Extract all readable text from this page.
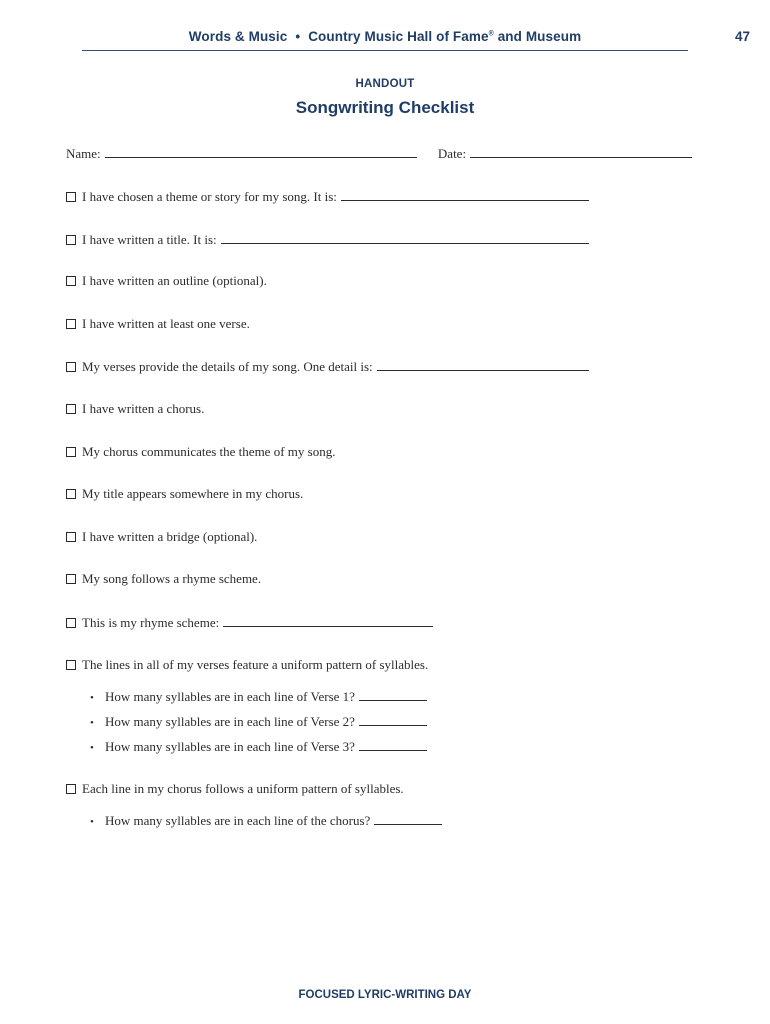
Words & Music • Country Music Hall of Fame® and Museum	47
HANDOUT
Songwriting Checklist
Name:	Date:
I have chosen a theme or story for my song. It is:
I have written a title. It is:
I have written an outline (optional).
I have written at least one verse.
My verses provide the details of my song. One detail is:
I have written a chorus.
My chorus communicates the theme of my song.
My title appears somewhere in my chorus.
I have written a bridge (optional).
My song follows a rhyme scheme.
This is my rhyme scheme:
The lines in all of my verses feature a uniform pattern of syllables.
• How many syllables are in each line of Verse 1?
• How many syllables are in each line of Verse 2?
• How many syllables are in each line of Verse 3?
Each line in my chorus follows a uniform pattern of syllables.
• How many syllables are in each line of the chorus?
FOCUSED LYRIC-WRITING DAY
